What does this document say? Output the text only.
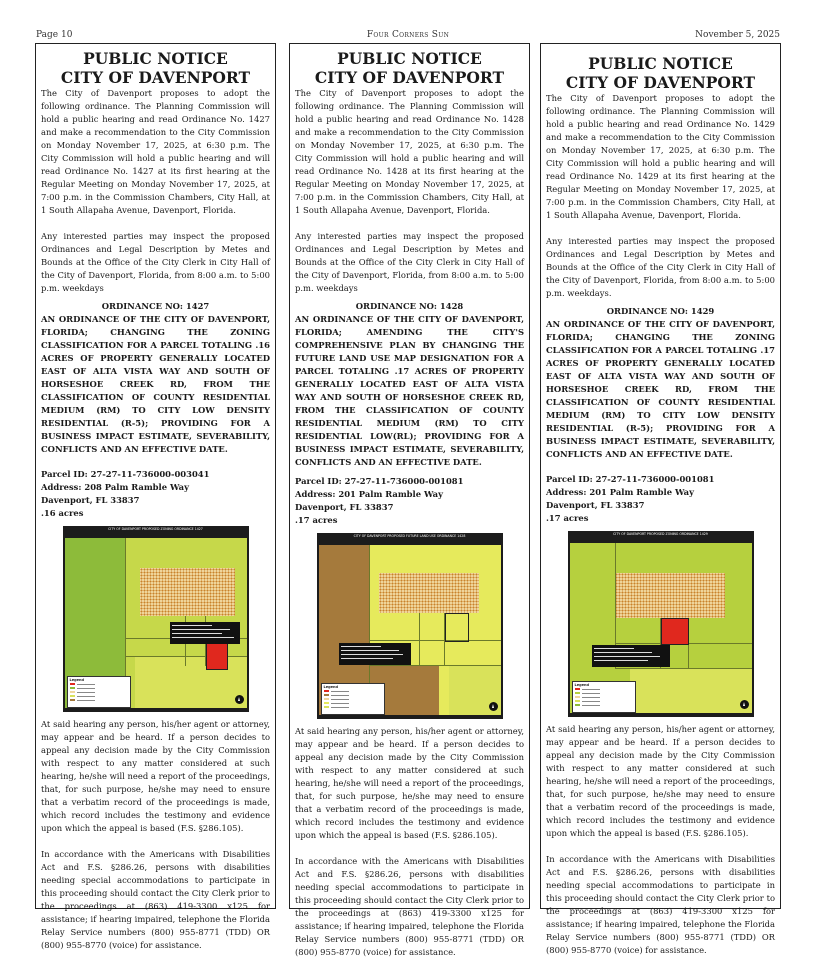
Page 10	Four Corners Sun	November 5, 2025
PUBLIC NOTICE
CITY OF DAVENPORT

The City of Davenport proposes to adopt the following ordinance. The Planning Commission will hold a public hearing and read Ordinance No. 1427 and make a recommendation to the City Commission on Monday November 17, 2025, at 6:30 p.m. The City Commission will hold a public hearing and will read Ordinance No. 1427 at its first hearing at the Regular Meeting on Monday November 17, 2025, at 7:00 p.m. in the Commission Chambers, City Hall, at 1 South Allapaha Avenue, Davenport, Florida.

Any interested parties may inspect the proposed Ordinances and Legal Description by Metes and Bounds at the Office of the City Clerk in City Hall of the City of Davenport, Florida, from 8:00 a.m. to 5:00 p.m. weekdays

ORDINANCE NO: 1427
AN ORDINANCE OF THE CITY OF DAVENPORT, FLORIDA; CHANGING THE ZONING CLASSIFICATION FOR A PARCEL TOTALING .16 ACRES OF PROPERTY GENERALLY LOCATED EAST OF ALTA VISTA WAY AND SOUTH OF HORSESHOE CREEK RD, FROM THE CLASSIFICATION OF COUNTY RESIDENTIAL MEDIUM (RM) TO CITY LOW DENSITY RESIDENTIAL (R-5); PROVIDING FOR A BUSINESS IMPACT ESTIMATE, SEVERABILITY, CONFLICTS AND AN EFFECTIVE DATE.
Parcel ID: 27-27-11-736000-003041
Address: 208 Palm Ramble Way
Davenport, FL 33837
.16 acres
CITY OF DAVENPORT PROPOSED ZONING ORDINANCE 1427
Legend

At said hearing any person, his/her agent or attorney, may appear and be heard. If a person decides to appeal any decision made by the City Commission with respect to any matter considered at such hearing, he/she will need a report of the proceedings, that, for such purpose, he/she may need to ensure that a verbatim record of the proceedings is made, which record includes the testimony and evidence upon which the appeal is based (F.S. §286.105).

In accordance with the Americans with Disabilities Act and F.S. §286.26, persons with disabilities needing special accommodations to participate in this proceeding should contact the City Clerk prior to the proceedings at (863) 419-3300 x125 for assistance; if hearing impaired, telephone the Florida Relay Service numbers (800) 955-8771 (TDD) OR (800) 955-8770 (voice) for assistance.

PUBLIC NOTICE
CITY OF DAVENPORT

The City of Davenport proposes to adopt the following ordinance. The Planning Commission will hold a public hearing and read Ordinance No. 1428 and make a recommendation to the City Commission on Monday November 17, 2025, at 6:30 p.m. The City Commission will hold a public hearing and will read Ordinance No. 1428 at its first hearing at the Regular Meeting on Monday November 17, 2025, at 7:00 p.m. in the Commission Chambers, City Hall, at 1 South Allapaha Avenue, Davenport, Florida.

Any interested parties may inspect the proposed Ordinances and Legal Description by Metes and Bounds at the Office of the City Clerk in City Hall of the City of Davenport, Florida, from 8:00 a.m. to 5:00 p.m. weekdays

ORDINANCE NO: 1428
AN ORDINANCE OF THE CITY OF DAVENPORT, FLORIDA; AMENDING THE CITY'S COMPREHENSIVE PLAN BY CHANGING THE FUTURE LAND USE MAP DESIGNATION FOR A PARCEL TOTALING .17 ACRES OF PROPERTY GENERALLY LOCATED EAST OF ALTA VISTA WAY AND SOUTH OF HORSESHOE CREEK RD, FROM THE CLASSIFICATION OF COUNTY RESIDENTIAL MEDIUM (RM) TO CITY RESIDENTIAL LOW(RL); PROVIDING FOR A BUSINESS IMPACT ESTIMATE, SEVERABILITY, CONFLICTS AND AN EFFECTIVE DATE.
Parcel ID: 27-27-11-736000-001081
Address: 201 Palm Ramble Way
Davenport, FL 33837
.17 acres
CITY OF DAVENPORT PROPOSED FUTURE LAND USE ORDINANCE 1428
Legend

At said hearing any person, his/her agent or attorney, may appear and be heard. If a person decides to appeal any decision made by the City Commission with respect to any matter considered at such hearing, he/she will need a report of the proceedings, that, for such purpose, he/she may need to ensure that a verbatim record of the proceedings is made, which record includes the testimony and evidence upon which the appeal is based (F.S. §286.105).

In accordance with the Americans with Disabilities Act and F.S. §286.26, persons with disabilities needing special accommodations to participate in this proceeding should contact the City Clerk prior to the proceedings at (863) 419-3300 x125 for assistance; if hearing impaired, telephone the Florida Relay Service numbers (800) 955-8771 (TDD) OR (800) 955-8770 (voice) for assistance.

PUBLIC NOTICE
CITY OF DAVENPORT

The City of Davenport proposes to adopt the following ordinance. The Planning Commission will hold a public hearing and read Ordinance No. 1429 and make a recommendation to the City Commission on Monday November 17, 2025, at 6:30 p.m. The City Commission will hold a public hearing and will read Ordinance No. 1429 at its first hearing at the Regular Meeting on Monday November 17, 2025, at 7:00 p.m. in the Commission Chambers, City Hall, at 1 South Allapaha Avenue, Davenport, Florida.

Any interested parties may inspect the proposed Ordinances and Legal Description by Metes and Bounds at the Office of the City Clerk in City Hall of the City of Davenport, Florida, from 8:00 a.m. to 5:00 p.m. weekdays.

ORDINANCE NO: 1429
AN ORDINANCE OF THE CITY OF DAVENPORT, FLORIDA; CHANGING THE ZONING CLASSIFICATION FOR A PARCEL TOTALING .17 ACRES OF PROPERTY GENERALLY LOCATED EAST OF ALTA VISTA WAY AND SOUTH OF HORSESHOE CREEK RD, FROM THE CLASSIFICATION OF COUNTY RESIDENTIAL MEDIUM (RM) TO CITY LOW DENSITY RESIDENTIAL (R-5); PROVIDING FOR A BUSINESS IMPACT ESTIMATE, SEVERABILITY, CONFLICTS AND AN EFFECTIVE DATE.
Parcel ID: 27-27-11-736000-001081
Address: 201 Palm Ramble Way
Davenport, FL 33837
.17 acres
CITY OF DAVENPORT PROPOSED ZONING ORDINANCE 1429
Legend

At said hearing any person, his/her agent or attorney, may appear and be heard. If a person decides to appeal any decision made by the City Commission with respect to any matter considered at such hearing, he/she will need a report of the proceedings, that, for such purpose, he/she may need to ensure that a verbatim record of the proceedings is made, which record includes the testimony and evidence upon which the appeal is based (F.S. §286.105).

In accordance with the Americans with Disabilities Act and F.S. §286.26, persons with disabilities needing special accommodations to participate in this proceeding should contact the City Clerk prior to the proceedings at (863) 419-3300 x125 for assistance; if hearing impaired, telephone the Florida Relay Service numbers (800) 955-8771 (TDD) OR (800) 955-8770 (voice) for assistance.
